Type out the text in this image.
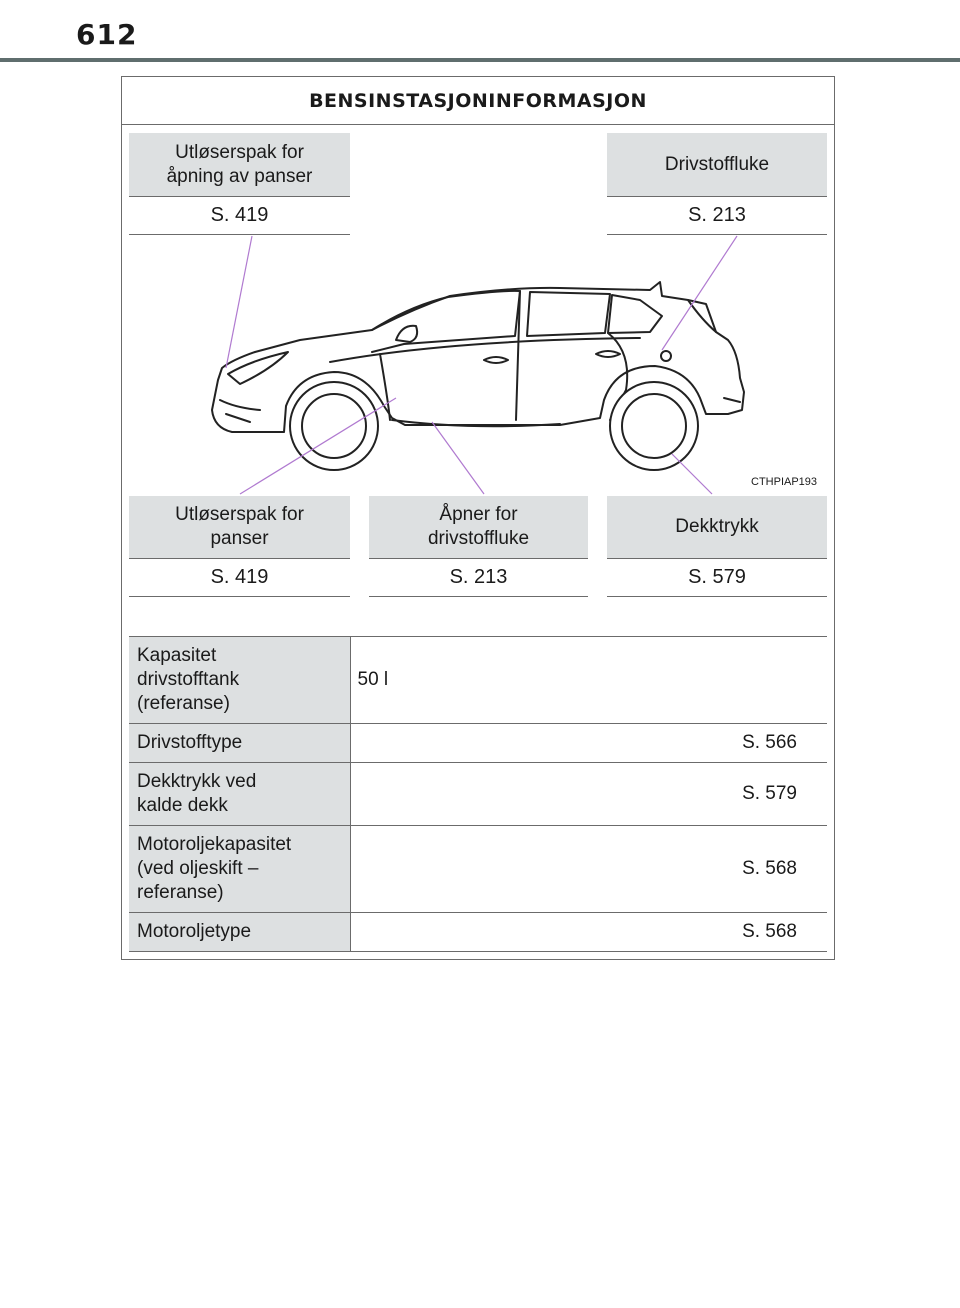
612
BENSINSTASJONINFORMASJON
Utløserspak for
åpning av panser
S. 419
Drivstoffluke
S. 213
CTHPIAP193
Utløserspak for
panser
S. 419
Åpner for
drivstoffluke
S. 213
Dekktrykk
S. 579
Kapasitet
drivstofftank
(referanse)	50 l
Drivstofftype	S. 566
Dekktrykk ved
kalde dekk	S. 579
Motoroljekapasitet
(ved oljeskift –
referanse)	S. 568
Motoroljetype	S. 568
